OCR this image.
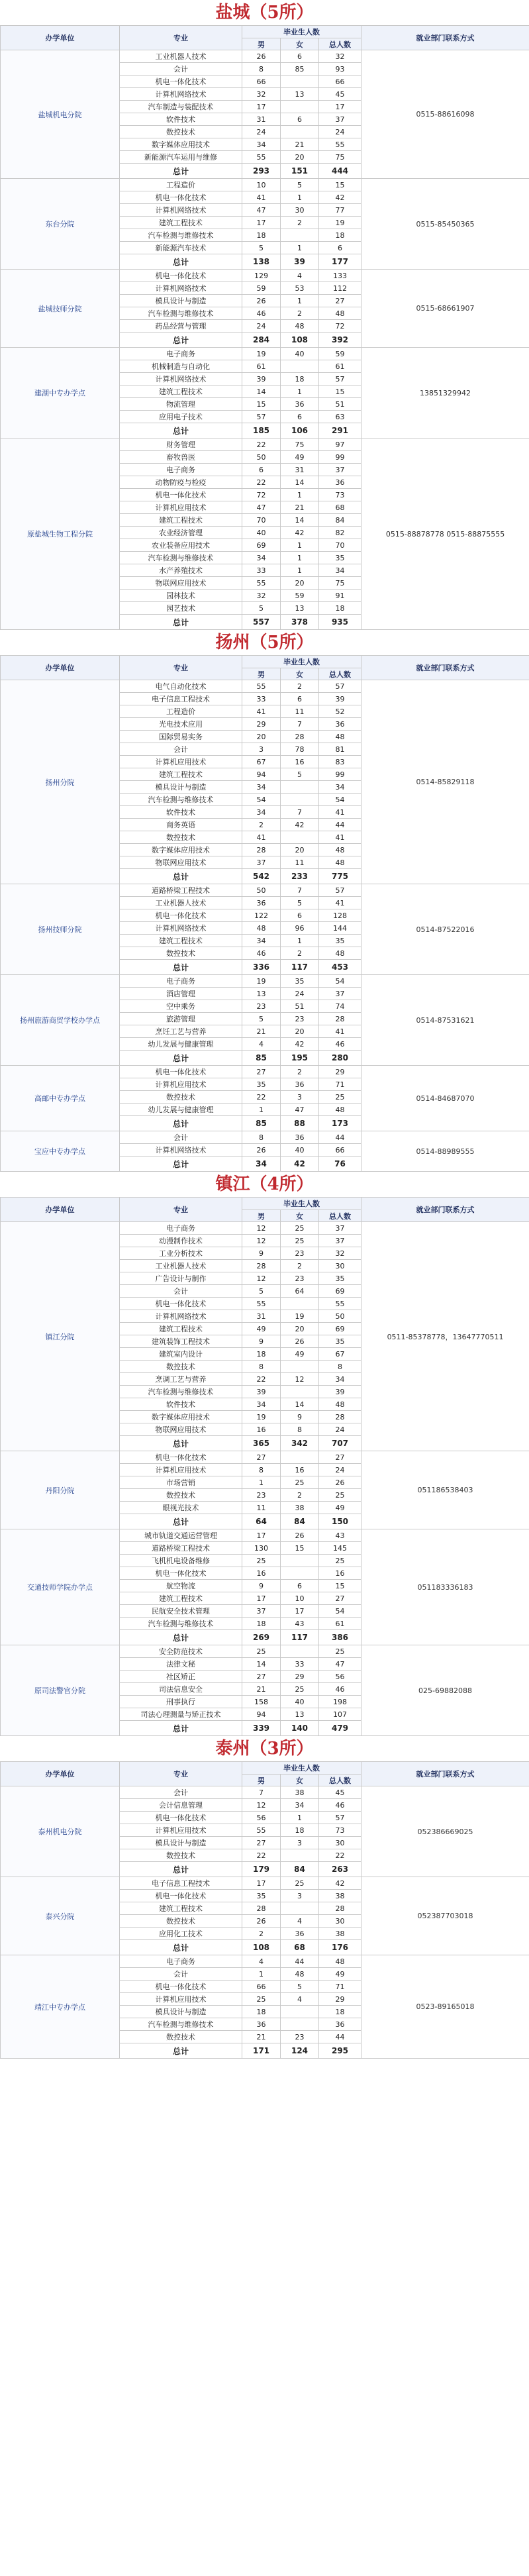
盐城（5所）
办学单位	专业	毕业生人数			就业部门联系方式
		男	女	总人数	
盐城机电分院	工业机器人技术	26	6	32	0515-88616098
	会计	8	85	93	
	机电一体化技术	66		66	
	计算机网络技术	32	13	45	
	汽车制造与装配技术	17		17	
	软件技术	31	6	37	
	数控技术	24		24	
	数字媒体应用技术	34	21	55	
	新能源汽车运用与维修	55	20	75	
	总计	293	151	444	
东台分院	工程造价	10	5	15	0515-85450365
	机电一体化技术	41	1	42	
	计算机网络技术	47	30	77	
	建筑工程技术	17	2	19	
	汽车检测与维修技术	18		18	
	新能源汽车技术	5	1	6	
	总计	138	39	177	
盐城技师分院	机电一体化技术	129	4	133	0515-68661907
	计算机网络技术	59	53	112	
	模具设计与制造	26	1	27	
	汽车检测与维修技术	46	2	48	
	药品经营与管理	24	48	72	
	总计	284	108	392	
建湖中专办学点	电子商务	19	40	59	13851329942
	机械制造与自动化	61		61	
	计算机网络技术	39	18	57	
	建筑工程技术	14	1	15	
	物流管理	15	36	51	
	应用电子技术	57	6	63	
	总计	185	106	291	
原盐城生物工程分院	财务管理	22	75	97	0515-88878778 0515-88875555
	畜牧兽医	50	49	99	
	电子商务	6	31	37	
	动物防疫与检疫	22	14	36	
	机电一体化技术	72	1	73	
	计算机应用技术	47	21	68	
	建筑工程技术	70	14	84	
	农业经济管理	40	42	82	
	农业装备应用技术	69	1	70	
	汽车检测与维修技术	34	1	35	
	水产养殖技术	33	1	34	
	物联网应用技术	55	20	75	
	园林技术	32	59	91	
	园艺技术	5	13	18	
	总计	557	378	935	
扬州（5所）
办学单位	专业	毕业生人数			就业部门联系方式
		男	女	总人数	
扬州分院	电气自动化技术	55	2	57	0514-85829118
	电子信息工程技术	33	6	39	
	工程造价	41	11	52	
	光电技术应用	29	7	36	
	国际贸易实务	20	28	48	
	会计	3	78	81	
	计算机应用技术	67	16	83	
	建筑工程技术	94	5	99	
	模具设计与制造	34		34	
	汽车检测与维修技术	54		54	
	软件技术	34	7	41	
	商务英语	2	42	44	
	数控技术	41		41	
	数字媒体应用技术	28	20	48	
	物联网应用技术	37	11	48	
	总计	542	233	775	
扬州技师分院	道路桥梁工程技术	50	7	57	0514-87522016
	工业机器人技术	36	5	41	
	机电一体化技术	122	6	128	
	计算机网络技术	48	96	144	
	建筑工程技术	34	1	35	
	数控技术	46	2	48	
	总计	336	117	453	
扬州旅游商贸学校办学点	电子商务	19	35	54	0514-87531621
	酒店管理	13	24	37	
	空中乘务	23	51	74	
	旅游管理	5	23	28	
	烹饪工艺与营养	21	20	41	
	幼儿发展与健康管理	4	42	46	
	总计	85	195	280	
高邮中专办学点	机电一体化技术	27	2	29	0514-84687070
	计算机应用技术	35	36	71	
	数控技术	22	3	25	
	幼儿发展与健康管理	1	47	48	
	总计	85	88	173	
宝应中专办学点	会计	8	36	44	0514-88989555
	计算机网络技术	26	40	66	
	总计	34	42	76	
镇江（4所）
办学单位	专业	毕业生人数			就业部门联系方式
		男	女	总人数	
镇江分院	电子商务	12	25	37	0511-85378778，13647770511
	动漫制作技术	12	25	37	
	工业分析技术	9	23	32	
	工业机器人技术	28	2	30	
	广告设计与制作	12	23	35	
	会计	5	64	69	
	机电一体化技术	55		55	
	计算机网络技术	31	19	50	
	建筑工程技术	49	20	69	
	建筑装饰工程技术	9	26	35	
	建筑室内设计	18	49	67	
	数控技术	8		8	
	烹调工艺与营养	22	12	34	
	汽车检测与维修技术	39		39	
	软件技术	34	14	48	
	数字媒体应用技术	19	9	28	
	物联网应用技术	16	8	24	
	总计	365	342	707	
丹阳分院	机电一体化技术	27		27	051186538403
	计算机应用技术	8	16	24	
	市场营销	1	25	26	
	数控技术	23	2	25	
	眼视光技术	11	38	49	
	总计	64	84	150	
交通技师学院办学点	城市轨道交通运营管理	17	26	43	051183336183
	道路桥梁工程技术	130	15	145	
	飞机机电设备维修	25		25	
	机电一体化技术	16		16	
	航空物流	9	6	15	
	建筑工程技术	17	10	27	
	民航安全技术管理	37	17	54	
	汽车检测与维修技术	18	43	61	
	总计	269	117	386	
原司法警官分院	安全防范技术	25		25	025-69882088
	法律文秘	14	33	47	
	社区矫正	27	29	56	
	司法信息安全	21	25	46	
	刑事执行	158	40	198	
	司法心理测量与矫正技术	94	13	107	
	总计	339	140	479	
泰州（3所）
办学单位	专业	毕业生人数			就业部门联系方式
		男	女	总人数	
泰州机电分院	会计	7	38	45	052386669025
	会计信息管理	12	34	46	
	机电一体化技术	56	1	57	
	计算机应用技术	55	18	73	
	模具设计与制造	27	3	30	
	数控技术	22		22	
	总计	179	84	263	
泰兴分院	电子信息工程技术	17	25	42	052387703018
	机电一体化技术	35	3	38	
	建筑工程技术	28		28	
	数控技术	26	4	30	
	应用化工技术	2	36	38	
	总计	108	68	176	
靖江中专办学点	电子商务	4	44	48	0523-89165018
	会计	1	48	49	
	机电一体化技术	66	5	71	
	计算机应用技术	25	4	29	
	模具设计与制造	18		18	
	汽车检测与维修技术	36		36	
	数控技术	21	23	44	
	总计	171	124	295	
